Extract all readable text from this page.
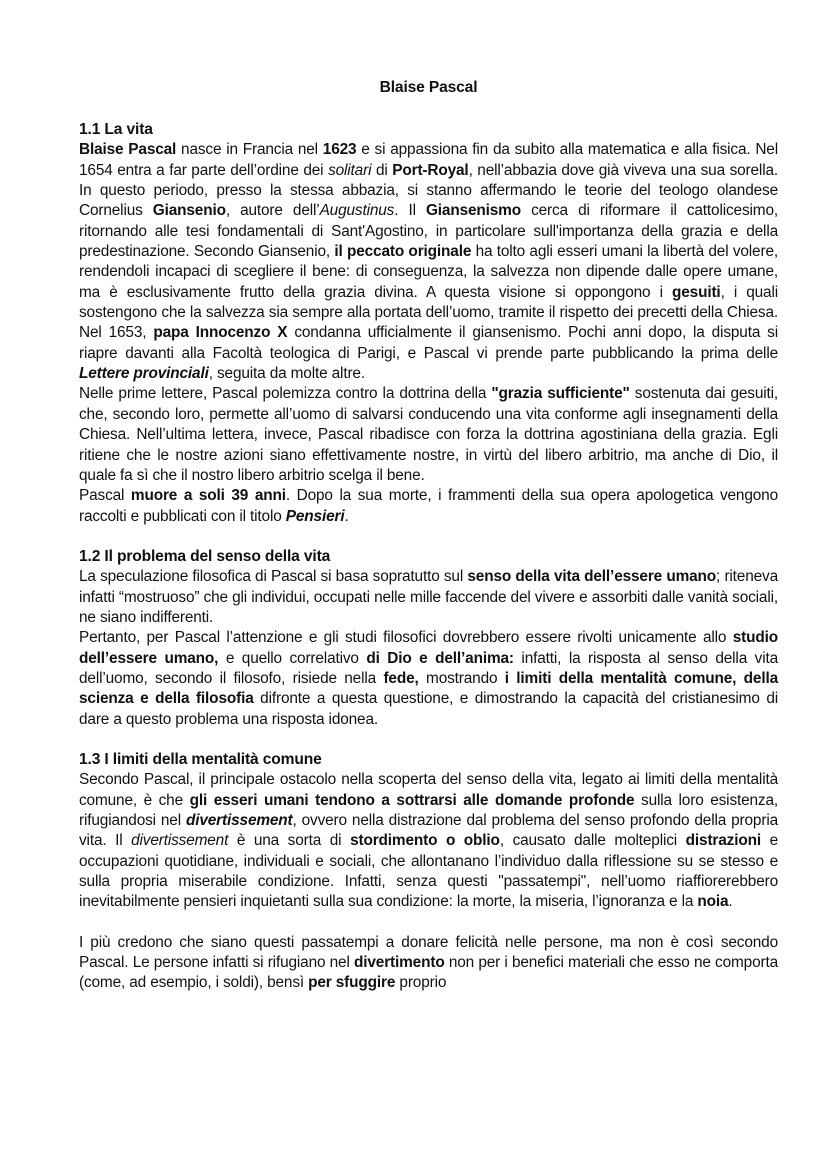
Blaise Pascal
1.1 La vita

Blaise Pascal nasce in Francia nel 1623 e si appassiona fin da subito alla matematica e alla fisica. Nel 1654 entra a far parte dell’ordine dei solitari di Port-Royal, nell’abbazia dove già viveva una sua sorella. In questo periodo, presso la stessa abbazia, si stanno affermando le teorie del teologo olandese Cornelius Giansenio, autore dell’Augustinus. Il Giansenismo cerca di riformare il cattolicesimo, ritornando alle tesi fondamentali di Sant'Agostino, in particolare sull'importanza della grazia e della predestinazione. Secondo Giansenio, il peccato originale ha tolto agli esseri umani la libertà del volere, rendendoli incapaci di scegliere il bene: di conseguenza, la salvezza non dipende dalle opere umane, ma è esclusivamente frutto della grazia divina. A questa visione si oppongono i gesuiti, i quali sostengono che la salvezza sia sempre alla portata dell’uomo, tramite il rispetto dei precetti della Chiesa. Nel 1653, papa Innocenzo X condanna ufficialmente il giansenismo. Pochi anni dopo, la disputa si riapre davanti alla Facoltà teologica di Parigi, e Pascal vi prende parte pubblicando la prima delle Lettere provinciali, seguita da molte altre.

Nelle prime lettere, Pascal polemizza contro la dottrina della "grazia sufficiente" sostenuta dai gesuiti, che, secondo loro, permette all’uomo di salvarsi conducendo una vita conforme agli insegnamenti della Chiesa. Nell’ultima lettera, invece, Pascal ribadisce con forza la dottrina agostiniana della grazia. Egli ritiene che le nostre azioni siano effettivamente nostre, in virtù del libero arbitrio, ma anche di Dio, il quale fa sì che il nostro libero arbitrio scelga il bene.

Pascal muore a soli 39 anni. Dopo la sua morte, i frammenti della sua opera apologetica vengono raccolti e pubblicati con il titolo Pensieri.

1.2 Il problema del senso della vita

La speculazione filosofica di Pascal si basa sopratutto sul senso della vita dell’essere umano; riteneva infatti “mostruoso” che gli individui, occupati nelle mille faccende del vivere e assorbiti dalle vanità sociali, ne siano indifferenti.

Pertanto, per Pascal l’attenzione e gli studi filosofici dovrebbero essere rivolti unicamente allo studio dell’essere umano, e quello correlativo di Dio e dell’anima: infatti, la risposta al senso della vita dell’uomo, secondo il filosofo, risiede nella fede, mostrando i limiti della mentalità comune, della scienza e della filosofia difronte a questa questione, e dimostrando la capacità del cristianesimo di dare a questo problema una risposta idonea.

1.3 I limiti della mentalità comune

Secondo Pascal, il principale ostacolo nella scoperta del senso della vita, legato ai limiti della mentalità comune, è che gli esseri umani tendono a sottrarsi alle domande profonde sulla loro esistenza, rifugiandosi nel divertissement, ovvero nella distrazione dal problema del senso profondo della propria vita. Il divertissement è una sorta di stordimento o oblio, causato dalle molteplici distrazioni e occupazioni quotidiane, individuali e sociali, che allontanano l’individuo dalla riflessione su se stesso e sulla propria miserabile condizione. Infatti, senza questi "passatempi", nell’uomo riaffiorerebbero inevitabilmente pensieri inquietanti sulla sua condizione: la morte, la miseria, l’ignoranza e la noia.

I più credono che siano questi passatempi a donare felicità nelle persone, ma non è così secondo Pascal. Le persone infatti si rifugiano nel divertimento non per i benefici materiali che esso ne comporta (come, ad esempio, i soldi), bensì per sfuggire proprio
